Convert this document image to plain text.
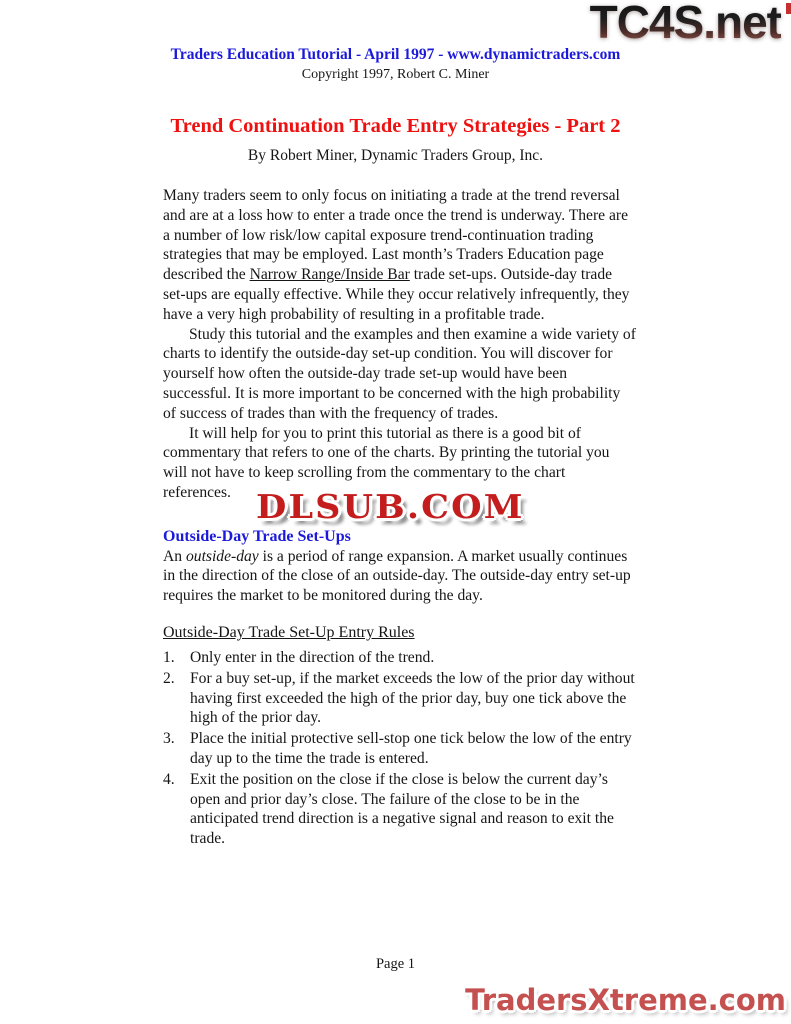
TC4S.net
Traders Education Tutorial - April 1997 - www.dynamictraders.com
Copyright 1997, Robert C. Miner
Trend Continuation Trade Entry Strategies - Part 2
By Robert Miner, Dynamic Traders Group, Inc.

Many traders seem to only focus on initiating a trade at the trend reversal and are at a loss how to enter a trade once the trend is underway. There are a number of low risk/low capital exposure trend-continuation trading strategies that may be employed. Last month’s Traders Education page described the Narrow Range/Inside Bar trade set-ups. Outside-day trade set-ups are equally effective. While they occur relatively infrequently, they have a very high probability of resulting in a profitable trade.

Study this tutorial and the examples and then examine a wide variety of charts to identify the outside-day set-up condition. You will discover for yourself how often the outside-day trade set-up would have been successful. It is more important to be concerned with the high probability of success of trades than with the frequency of trades.

It will help for you to print this tutorial as there is a good bit of commentary that refers to one of the charts. By printing the tutorial you will not have to keep scrolling from the commentary to the chart references.

Outside-Day Trade Set-Ups

An outside-day is a period of range expansion. A market usually continues in the direction of the close of an outside-day. The outside-day entry set-up requires the market to be monitored during the day.

Outside-Day Trade Set-Up Entry Rules
1. Only enter in the direction of the trend.
2. For a buy set-up, if the market exceeds the low of the prior day without having first exceeded the high of the prior day, buy one tick above the high of the prior day.
3. Place the initial protective sell-stop one tick below the low of the entry day up to the time the trade is entered.
4. Exit the position on the close if the close is below the current day’s open and prior day’s close. The failure of the close to be in the anticipated trend direction is a negative signal and reason to exit the trade.
DLSUB.COM
Page 1
TradersXtreme.com
